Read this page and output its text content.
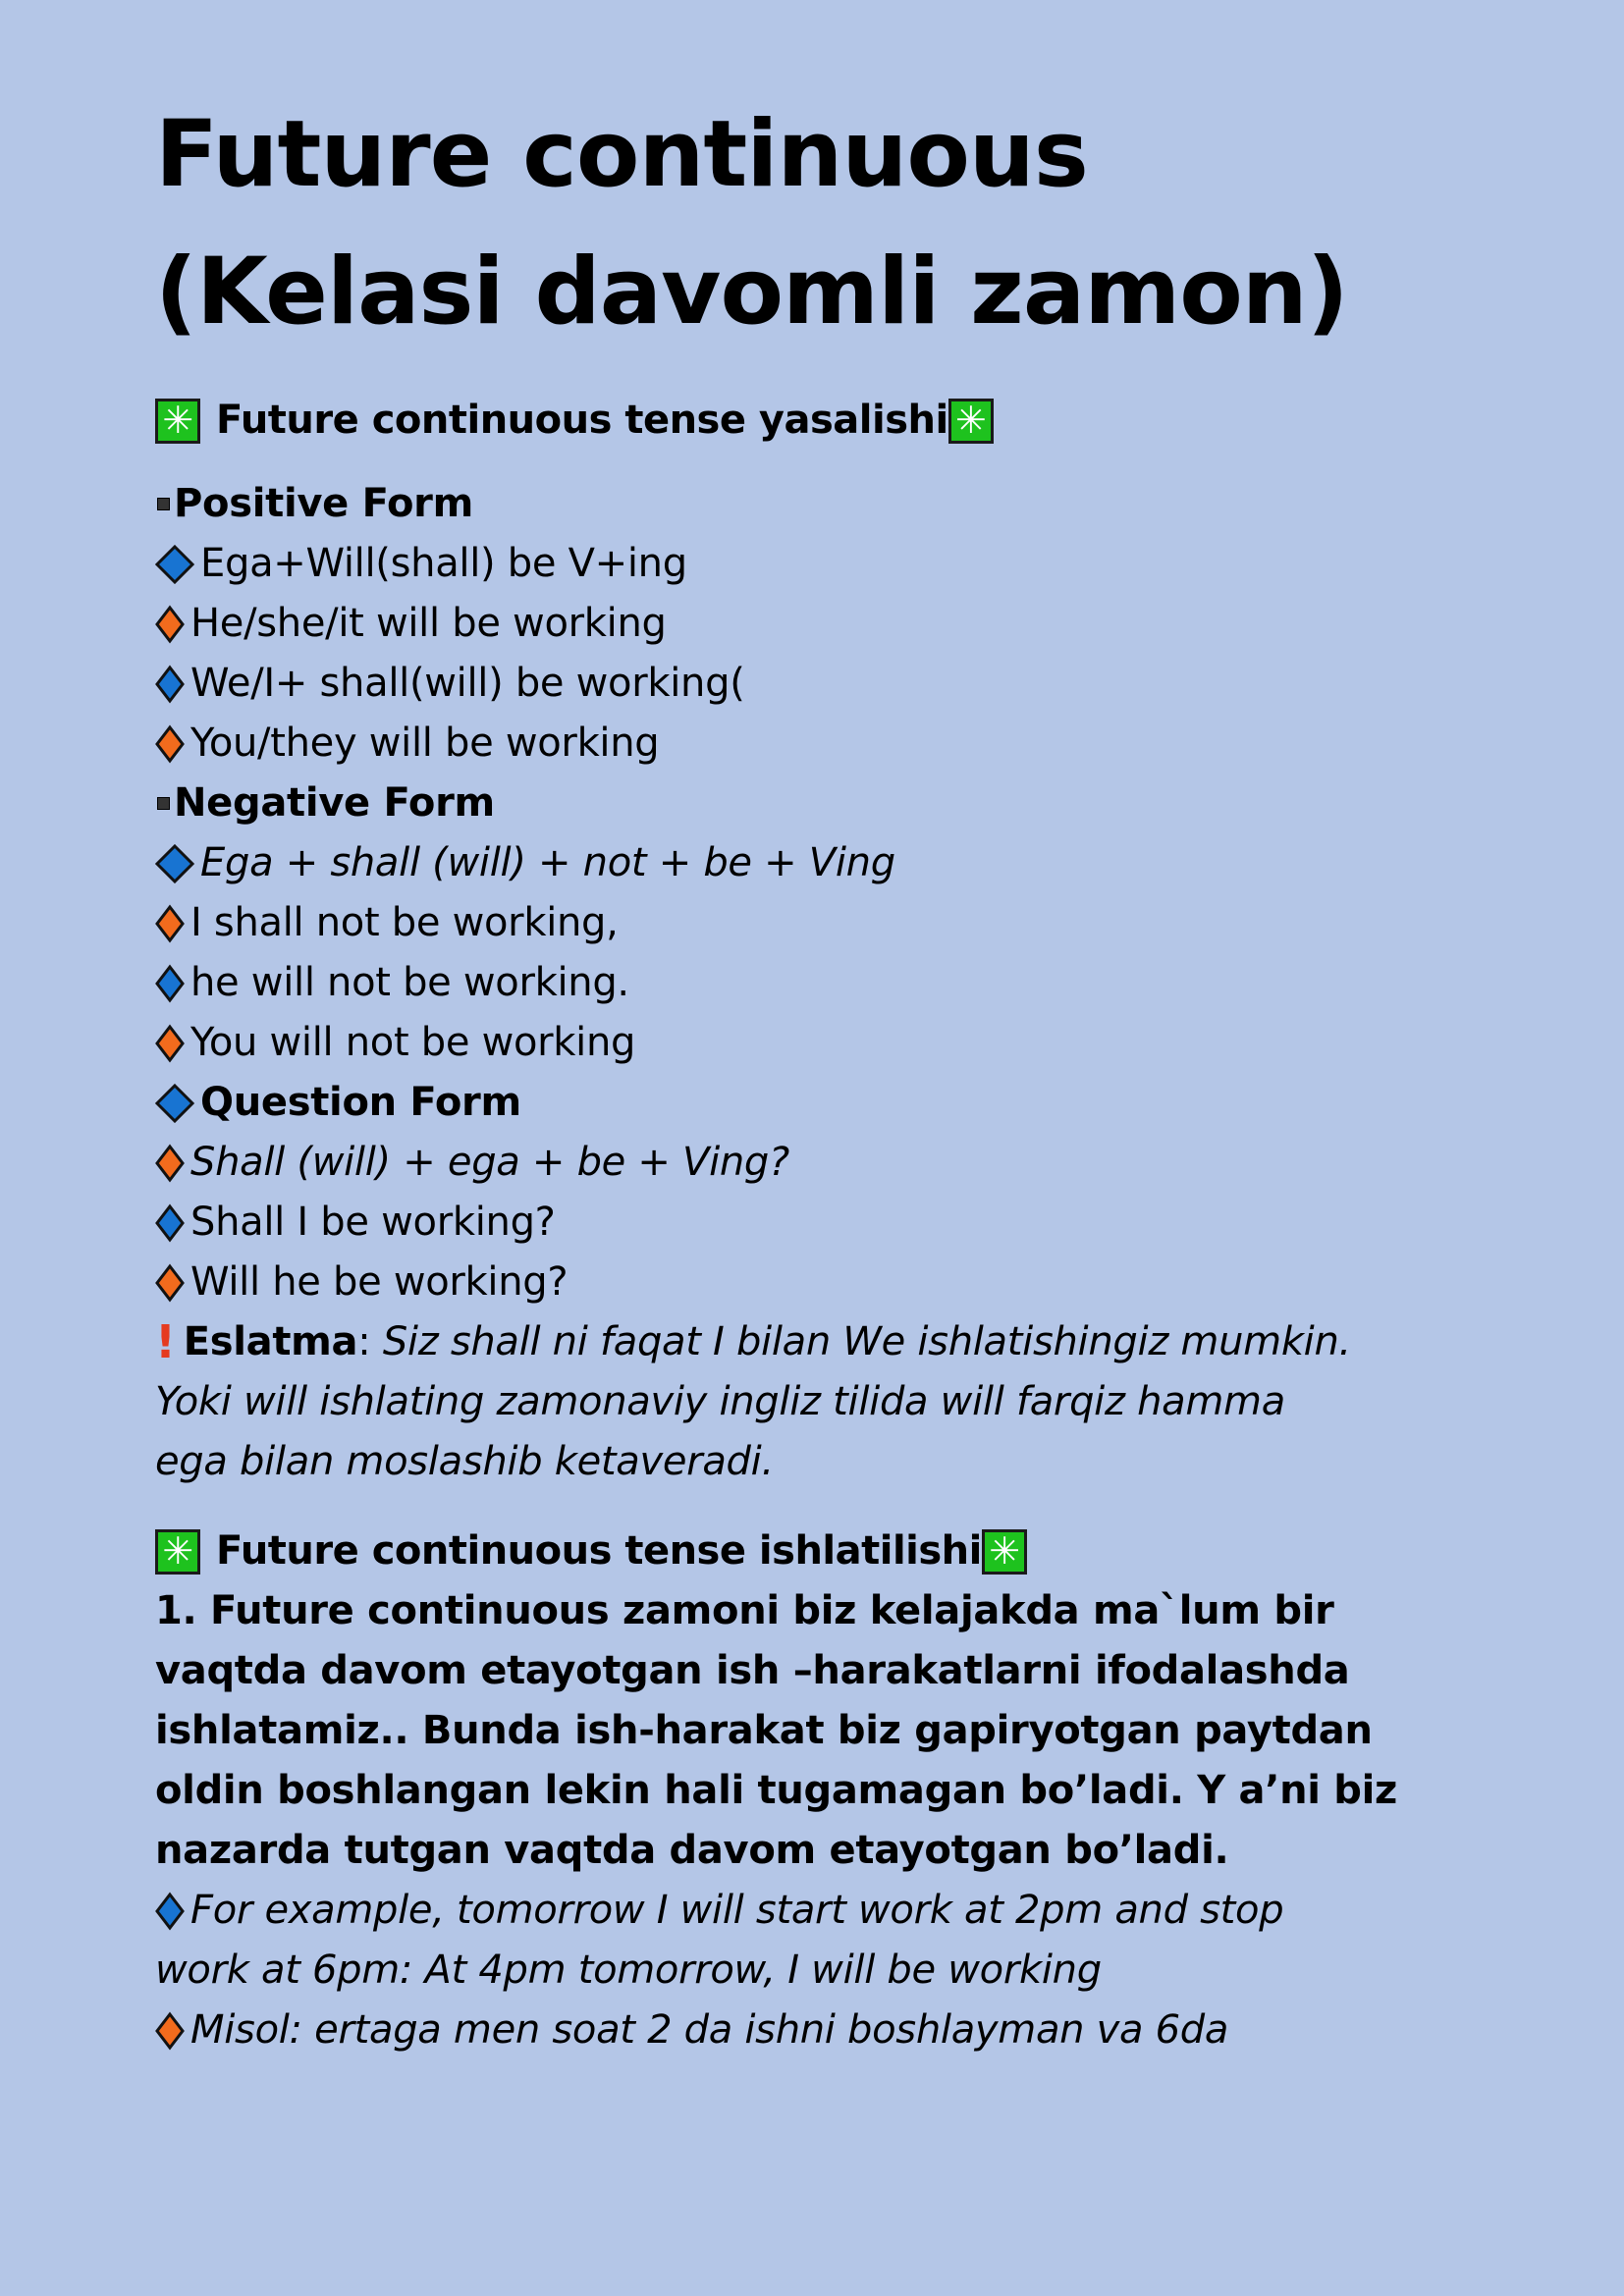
Future continuous
(Kelasi davomli zamon)
✳ Future continuous tense yasalishi ✳
Positive Form
Ega+Will(shall) be V+ing
He/she/it will be working
We/I+ shall(will) be working(
You/they will be working
Negative Form
Ega + shall (will) + not + be + Ving
I shall not be working,
he will not be working.
You will not be working
Question Form
Shall (will) + ega + be + Ving?
Shall I be working?
Will he be working?
! Eslatma : Siz shall ni faqat I bilan We ishlatishingiz mumkin.
Yoki will ishlating zamonaviy ingliz tilida will farqiz hamma
ega bilan moslashib ketaveradi.
✳ Future continuous tense ishlatilishi ✳
1. Future continuous zamoni biz kelajakda ma`lum bir
vaqtda davom etayotgan ish –harakatlarni ifodalashda
ishlatamiz.. Bunda ish-harakat biz gapiryotgan paytdan
oldin boshlangan lekin hali tugamagan bo’ladi. Y a’ni biz
nazarda tutgan vaqtda davom etayotgan bo’ladi.
For example, tomorrow I will start work at 2pm and stop
work at 6pm: At 4pm tomorrow, I will be working
Misol: ertaga men soat 2 da ishni boshlayman va 6da
